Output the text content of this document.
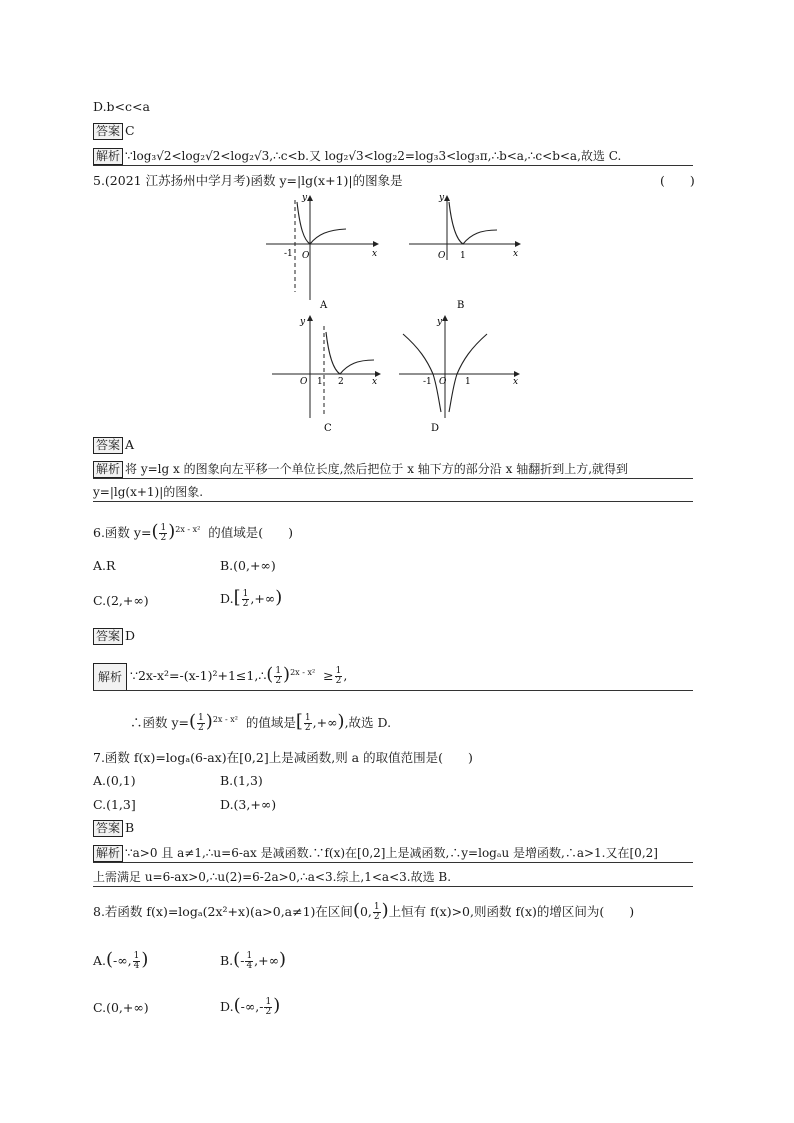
D.b<c<a
答案 C
解析 ∵log₃√2<log₂√2<log₂√3,∴c<b.又 log₂√3<log₂2=log₃3<log₃π,∴b<a,∴c<b<a,故选 C.
5.(2021 江苏扬州中学月考)函数 y=|lg(x+1)|的图象是	(　　)
y
x
-1 O
A
y
x
O 1
B
y
x
O 1 2
C
y
x
-1 O 1
D
答案 A
解析 将 y=lg x 的图象向左平移一个单位长度,然后把位于 x 轴下方的部分沿 x 轴翻折到上方,就得到
y=|lg(x+1)|的图象.
6.函数 $y=( \frac{1}{2} )^{2x - x^2}$ 的值域是(　　)
A.R	B.(0,+∞)
C.(2,+∞)	$D.[ \frac{1}{2}$ ,+∞)
答案 D
解析 ∵2x-x²=-(x-1)²+1≤1,∴( $\frac{1}{2} )^{2x - x^2} \ge \frac{1}{2}$ ,
∴函数 $y=( \frac{1}{2} )^{2x - x^2}$ 的值域是[ $\frac{1}{2}$ ,+∞),故选 D.
7.函数 f(x)=logₐ(6-ax)在[0,2]上是减函数,则 a 的取值范围是(　　)
A.(0,1)	B.(1,3)
C.(1,3]	D.(3,+∞)
答案 B
解析 ∵a>0 且 a≠1,∴u=6-ax 是减函数.∵f(x)在[0,2]上是减函数,∴y=logₐu 是增函数,∴a>1.又在[0,2]
上需满足 u=6-ax>0,∴u(2)=6-2a>0,∴a<3.综上,1<a<3.故选 B.
8.若函数 f(x)=logₐ(2x²+x)(a>0,a≠1)在区间(0, $\frac{1}{2}$ )上恒有 f(x)>0,则函数 f(x)的增区间为(　　)
A.(-∞, $\frac{1}{4}$ )	$B.(- \frac{1}{4}$ ,+∞)
C.(0,+∞)	$D.(-\infty,- \frac{1}{2}$ )
